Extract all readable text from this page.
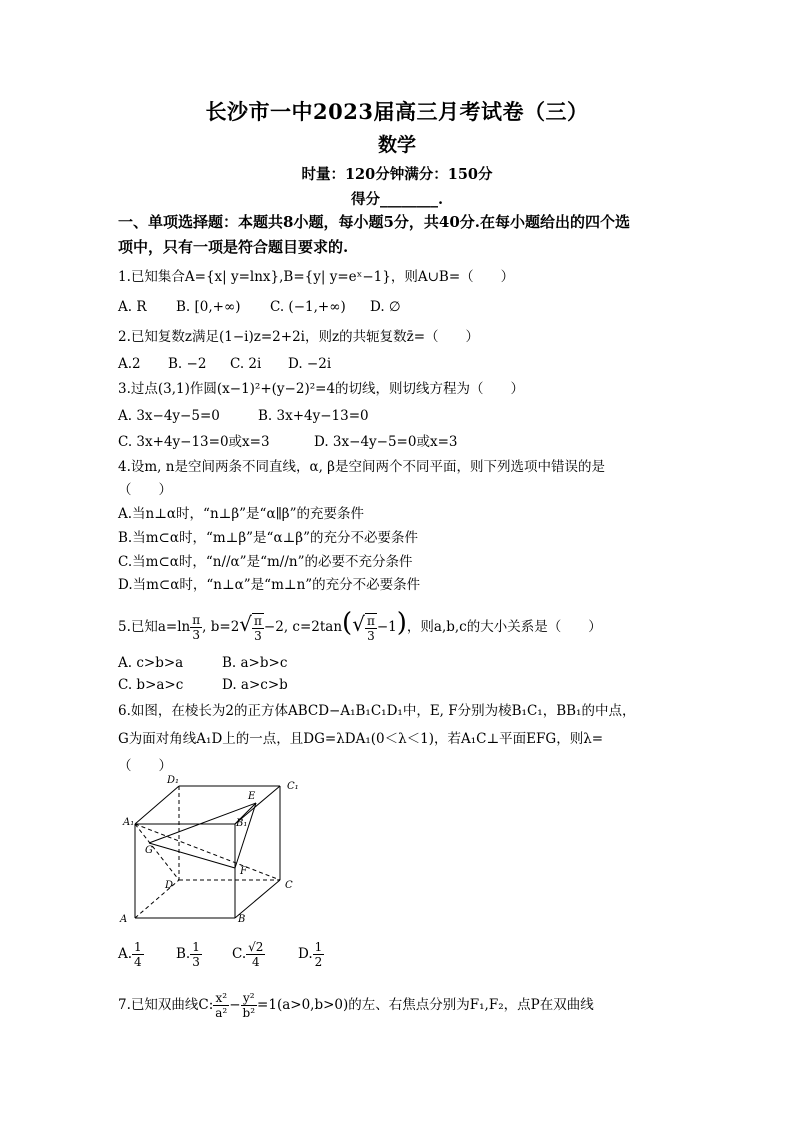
长沙市一中2023届高三月考试卷（三）
数学
时量：120分钟满分：150分
得分________.
一、单项选择题：本题共8小题，每小题5分，共40分.在每小题给出的四个选
项中，只有一项是符合题目要求的.
1.已知集合A={x| y=lnx},B={y| y=eˣ−1}，则A∪B=（　　）
A. R B. [0,+∞) C. (−1,+∞) D. ∅
2.已知复数z满足(1−i)z=2+2i，则z的共轭复数z̄=（　　）
A.2 B. −2 C. 2i D. −2i
3.过点(3,1)作圆(x−1)²+(y−2)²=4的切线，则切线方程为（　　）
A. 3x−4y−5=0	B. 3x+4y−13=0
C. 3x+4y−13=0或x=3	D. 3x−4y−5=0或x=3
4.设m, n是空间两条不同直线，α, β是空间两个不同平面，则下列选项中错误的是
（　　）
A.当n⊥α时，“n⊥β”是“α∥β”的充要条件
B.当m⊂α时，“m⊥β”是“α⊥β”的充分不必要条件
C.当m⊂α时，“n//α”是“m//n”的必要不充分条件
D.当m⊂α时，“n⊥α”是“m⊥n”的充分不必要条件
5.已知$a=\ln \frac{\pi}{3}$ , $b=2√ \frac{\pi}{3} -2$, $c=2\tan(√ \frac{\pi}{3} -1)$，则a,b,c的大小关系是（　　）
A. c>b>a	B. a>b>c
C. b>a>c	D. a>c>b
6.如图，在棱长为2的正方体ABCD−A₁B₁C₁D₁中，E, F分别为棱B₁C₁，BB₁的中点，
G为面对角线A₁D上的一点，且DG=λDA₁(0＜λ＜1)，若A₁C⊥平面EFG，则λ=
（　　）
D₁
C₁
A₁	B₁
E
G
F
D	C
A	B
A. $\frac{1}{4} B$. $\frac{1}{3} C$. $\frac{√2}{4} D$. $\frac{1}{2}$
7.已知双曲线C: $\frac{\text{x²}}{\text{a²}} - \frac{\text{y²}}{\text{b²}} =1(a>0,b>0)$的左、右焦点分别为F₁,F₂，点P在双曲线
